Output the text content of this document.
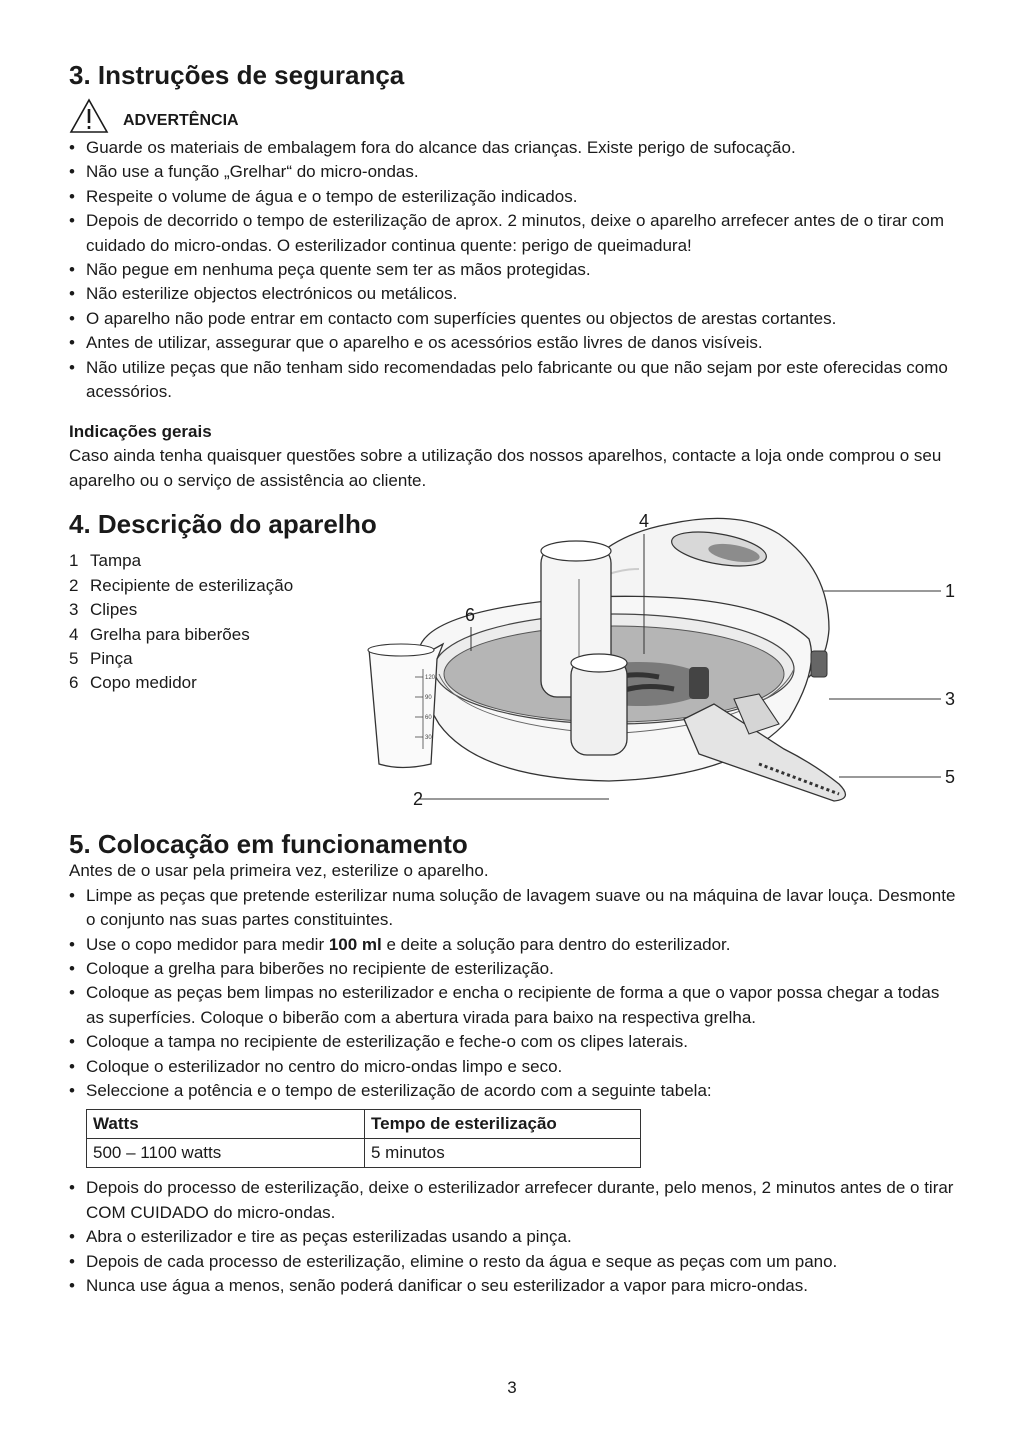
3. Instruções de segurança
ADVERTÊNCIA
• Guarde os materiais de embalagem fora do alcance das crianças. Existe perigo de sufocação.
• Não use a função „Grelhar“ do micro-ondas.
• Respeite o volume de água e o tempo de esterilização indicados.
• Depois de decorrido o tempo de esterilização de aprox. 2 minutos, deixe o aparelho arrefecer antes de o tirar com cuidado do micro-ondas. O esterilizador continua quente: perigo de queimadura!
• Não pegue em nenhuma peça quente sem ter as mãos protegidas.
• Não esterilize objectos electrónicos ou metálicos.
• O aparelho não pode entrar em contacto com superfícies quentes ou objectos de arestas cortantes.
• Antes de utilizar, assegurar que o aparelho e os acessórios estão livres de danos visíveis.
• Não utilize peças que não tenham sido recomendadas pelo fabricante ou que não sejam por este oferecidas como acessórios.
Indicações gerais

Caso ainda tenha quaisquer questões sobre a utilização dos nossos aparelhos, contacte a loja onde comprou o seu aparelho ou o serviço de assistência ao cliente.

4. Descrição do aparelho
1 Tampa
2 Recipiente de esterilização
3 Clipes
4 Grelha para biberões
5 Pinça
6 Copo medidor	120
90
60
30
1
2
3
4
5
6
5. Colocação em funcionamento

Antes de o usar pela primeira vez, esterilize o aparelho.

• Limpe as peças que pretende esterilizar numa solução de lavagem suave ou na máquina de lavar louça. Desmonte o conjunto nas suas partes constituintes.
• Use o copo medidor para medir 100 ml e deite a solução para dentro do esterilizador.
• Coloque a grelha para biberões no recipiente de esterilização.
• Coloque as peças bem limpas no esterilizador e encha o recipiente de forma a que o vapor possa chegar a todas as superfícies. Coloque o biberão com a abertura virada para baixo na respectiva grelha.
• Coloque a tampa no recipiente de esterilização e feche-o com os clipes laterais.
• Coloque o esterilizador no centro do micro-ondas limpo e seco.
• Seleccione a potência e o tempo de esterilização de acordo com a seguinte tabela:
Watts	Tempo de esterilização
500 – 1100 watts	5 minutos
• Depois do processo de esterilização, deixe o esterilizador arrefecer durante, pelo menos, 2 minutos antes de o tirar COM CUIDADO do micro-ondas.
• Abra o esterilizador e tire as peças esterilizadas usando a pinça.
• Depois de cada processo de esterilização, elimine o resto da água e seque as peças com um pano.
• Nunca use água a menos, senão poderá danificar o seu esterilizador a vapor para micro-ondas.
3
